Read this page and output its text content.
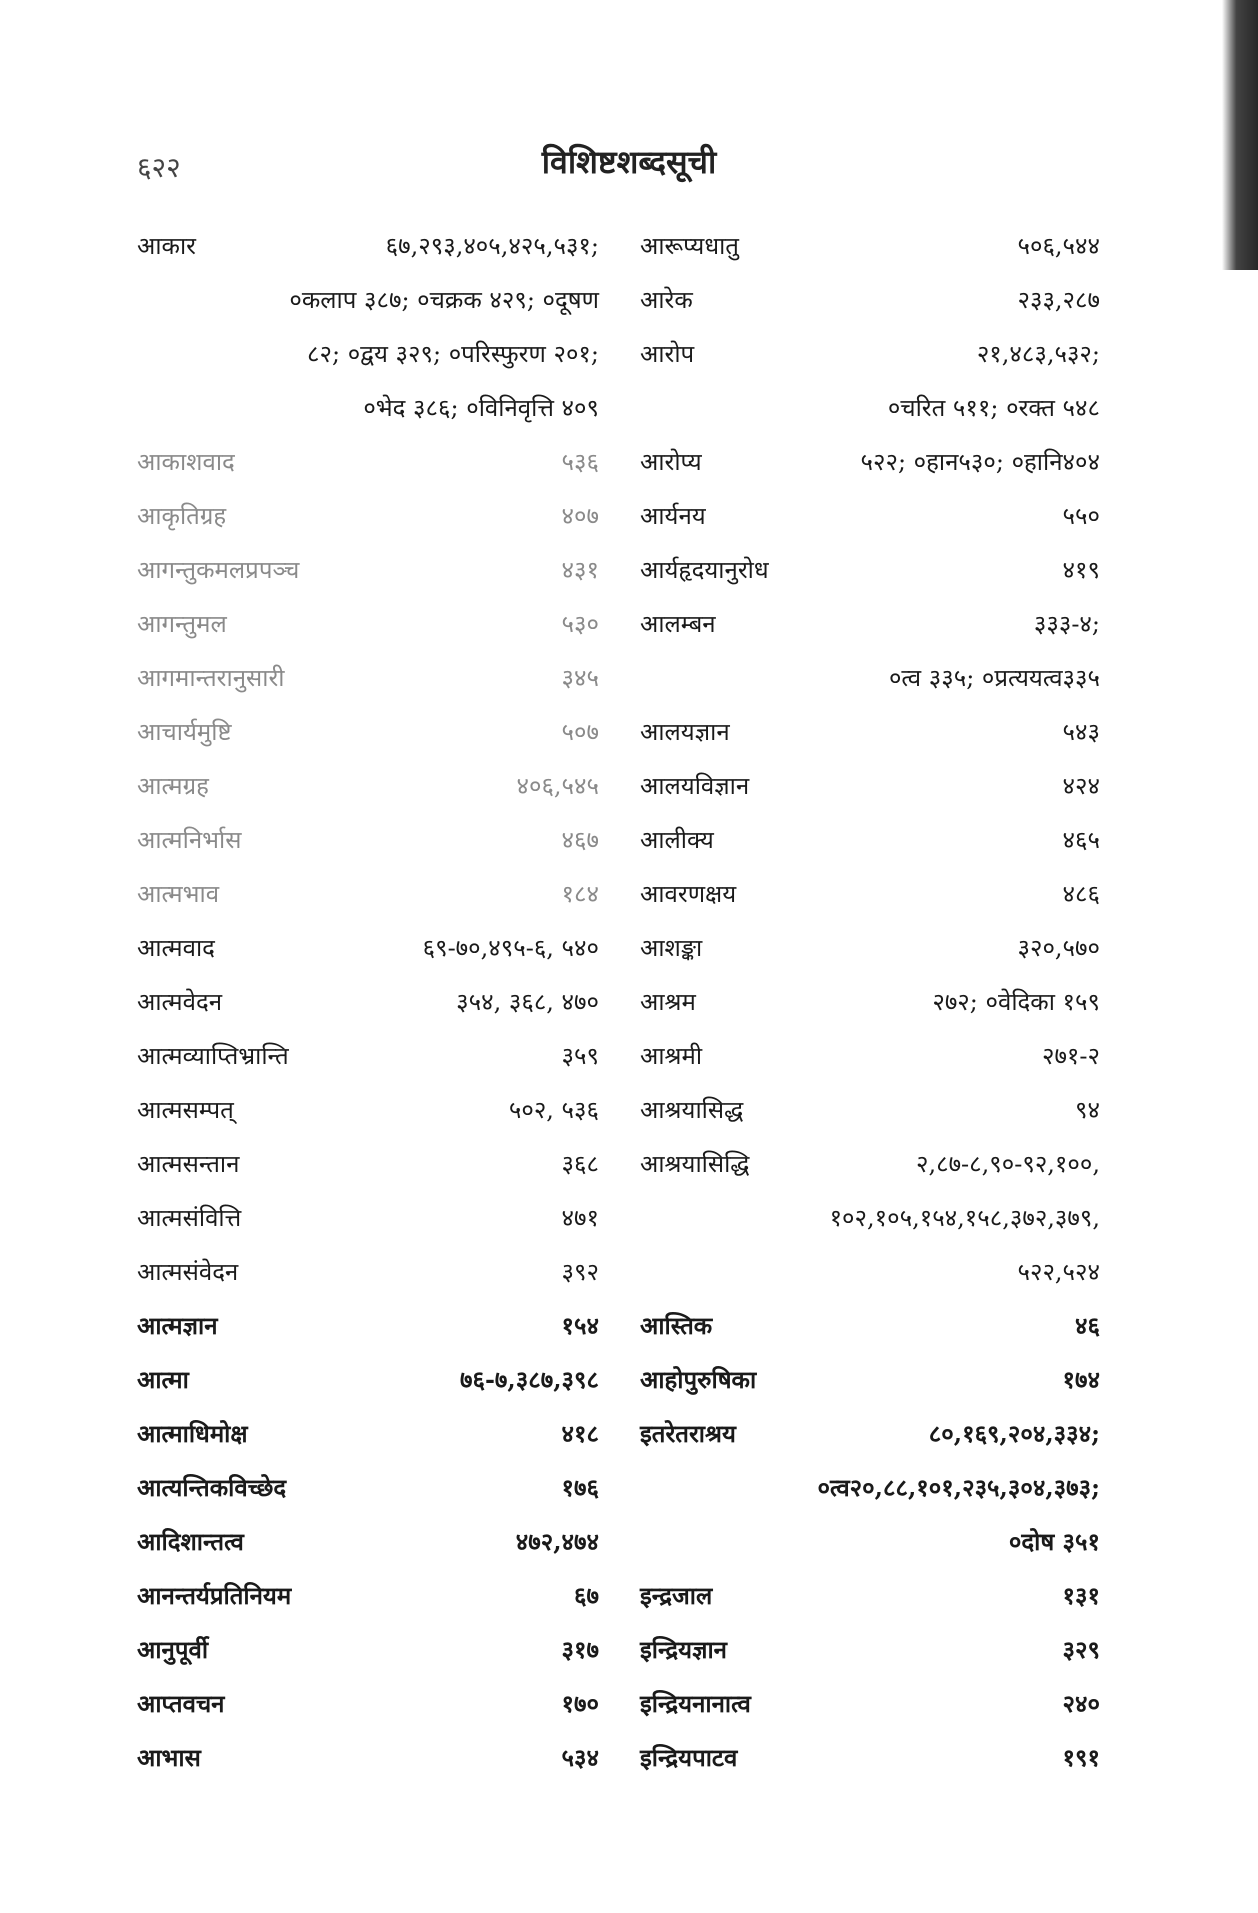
६२२	विशिष्टशब्दसूची
आकार	६७,२९३,४०५,४२५,५३१;
०कलाप ३८७; ०चक्रक ४२९; ०दूषण
८२; ०द्वय ३२९; ०परिस्फुरण २०१;
०भेद ३८६; ०विनिवृत्ति ४०९
आकाशवाद	५३६
आकृतिग्रह	४०७
आगन्तुकमलप्रपञ्च	४३१
आगन्तुमल	५३०
आगमान्तरानुसारी	३४५
आचार्यमुष्टि	५०७
आत्मग्रह	४०६,५४५
आत्मनिर्भास	४६७
आत्मभाव	१८४
आत्मवाद	६९-७०,४९५-६, ५४०
आत्मवेदन	३५४, ३६८, ४७०
आत्मव्याप्तिभ्रान्ति	३५९
आत्मसम्पत्	५०२, ५३६
आत्मसन्तान	३६८
आत्मसंवित्ति	४७१
आत्मसंवेदन	३९२
आत्मज्ञान	१५४
आत्मा	७६-७,३८७,३९८
आत्माधिमोक्ष	४१८
आत्यन्तिकविच्छेद	१७६
आदिशान्तत्व	४७२,४७४
आनन्तर्यप्रतिनियम	६७
आनुपूर्वी	३१७
आप्तवचन	१७०
आभास	५३४
आरूप्यधातु	५०६,५४४
आरेक	२३३,२८७
आरोप	२१,४८३,५३२;
०चरित ५११; ०रक्त ५४८
आरोप्य	५२२; ०हान५३०; ०हानि४०४
आर्यनय	५५०
आर्यहृदयानुरोध	४१९
आलम्बन	३३३-४;
०त्व ३३५; ०प्रत्ययत्व३३५
आलयज्ञान	५४३
आलयविज्ञान	४२४
आलीक्य	४६५
आवरणक्षय	४८६
आशङ्का	३२०,५७०
आश्रम	२७२; ०वेदिका १५९
आश्रमी	२७१-२
आश्रयासिद्ध	९४
आश्रयासिद्धि	२,८७-८,९०-९२,१००,
१०२,१०५,१५४,१५८,३७२,३७९,
५२२,५२४
आस्तिक	४६
आहोपुरुषिका	१७४
इतरेतराश्रय	८०,१६९,२०४,३३४;
०त्व२०,८८,१०१,२३५,३०४,३७३;
०दोष ३५१
इन्द्रजाल	१३१
इन्द्रियज्ञान	३२९
इन्द्रियनानात्व	२४०
इन्द्रियपाटव	१९१
